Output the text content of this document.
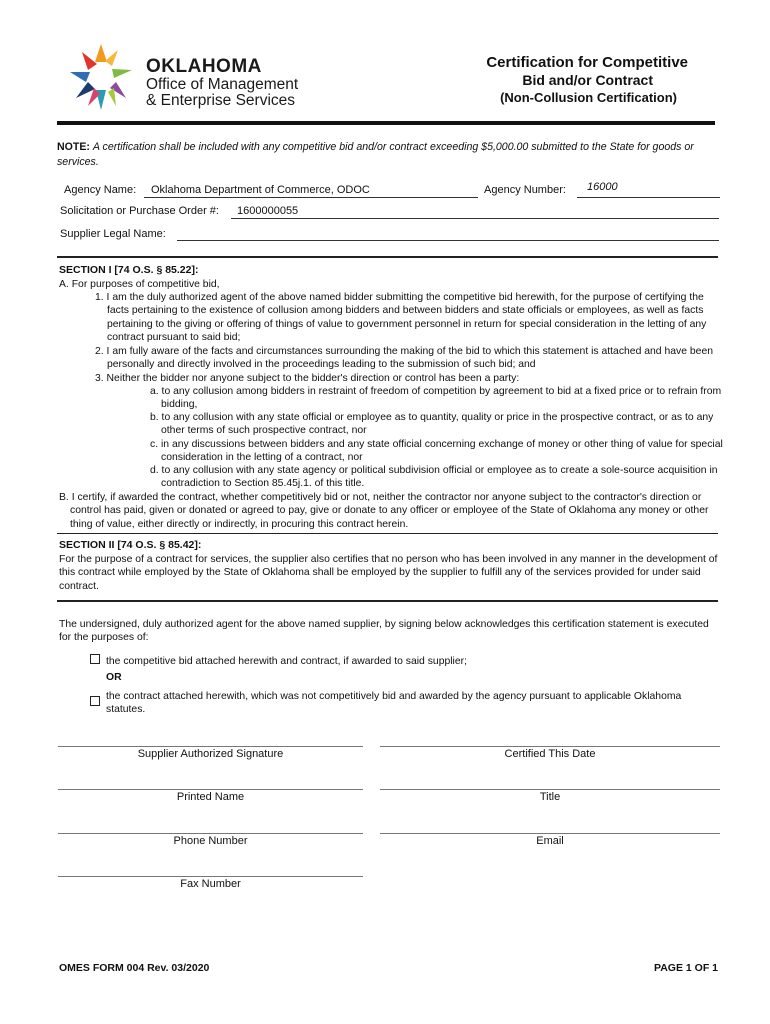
OKLAHOMA
Office of Management
& Enterprise Services
Certification for Competitive
Bid and/or Contract
(Non-Collusion Certification)
NOTE: A certification shall be included with any competitive bid and/or contract exceeding $5,000.00 submitted to the State for goods or services.
Agency Name: Oklahoma Department of Commerce, ODOC	Agency Number: 16000
Solicitation or Purchase Order #: 1600000055
Supplier Legal Name:
SECTION I [74 O.S. § 85.22]:
A. For purposes of competitive bid,
1. I am the duly authorized agent of the above named bidder submitting the competitive bid herewith, for the purpose of certifying the facts pertaining to the existence of collusion among bidders and between bidders and state officials or employees, as well as facts pertaining to the giving or offering of things of value to government personnel in return for special consideration in the letting of any contract pursuant to said bid;
2. I am fully aware of the facts and circumstances surrounding the making of the bid to which this statement is attached and have been personally and directly involved in the proceedings leading to the submission of such bid; and
3. Neither the bidder nor anyone subject to the bidder's direction or control has been a party:
a. to any collusion among bidders in restraint of freedom of competition by agreement to bid at a fixed price or to refrain from bidding,
b. to any collusion with any state official or employee as to quantity, quality or price in the prospective contract, or as to any other terms of such prospective contract, nor
c. in any discussions between bidders and any state official concerning exchange of money or other thing of value for special consideration in the letting of a contract, nor
d. to any collusion with any state agency or political subdivision official or employee as to create a sole-source acquisition in contradiction to Section 85.45j.1. of this title.
B. I certify, if awarded the contract, whether competitively bid or not, neither the contractor nor anyone subject to the contractor's direction or control has paid, given or donated or agreed to pay, give or donate to any officer or employee of the State of Oklahoma any money or other thing of value, either directly or indirectly, in procuring this contract herein.
SECTION II [74 O.S. § 85.42]:
For the purpose of a contract for services, the supplier also certifies that no person who has been involved in any manner in the development of this contract while employed by the State of Oklahoma shall be employed by the supplier to fulfill any of the services provided for under said contract.
The undersigned, duly authorized agent for the above named supplier, by signing below acknowledges this certification statement is executed for the purposes of:
the competitive bid attached herewith and contract, if awarded to said supplier;
OR
the contract attached herewith, which was not competitively bid and awarded by the agency pursuant to applicable Oklahoma statutes.
Supplier Authorized Signature	Certified This Date
Printed Name	Title
Phone Number	Email
Fax Number
OMES FORM 004 Rev. 03/2020	PAGE 1 OF 1
